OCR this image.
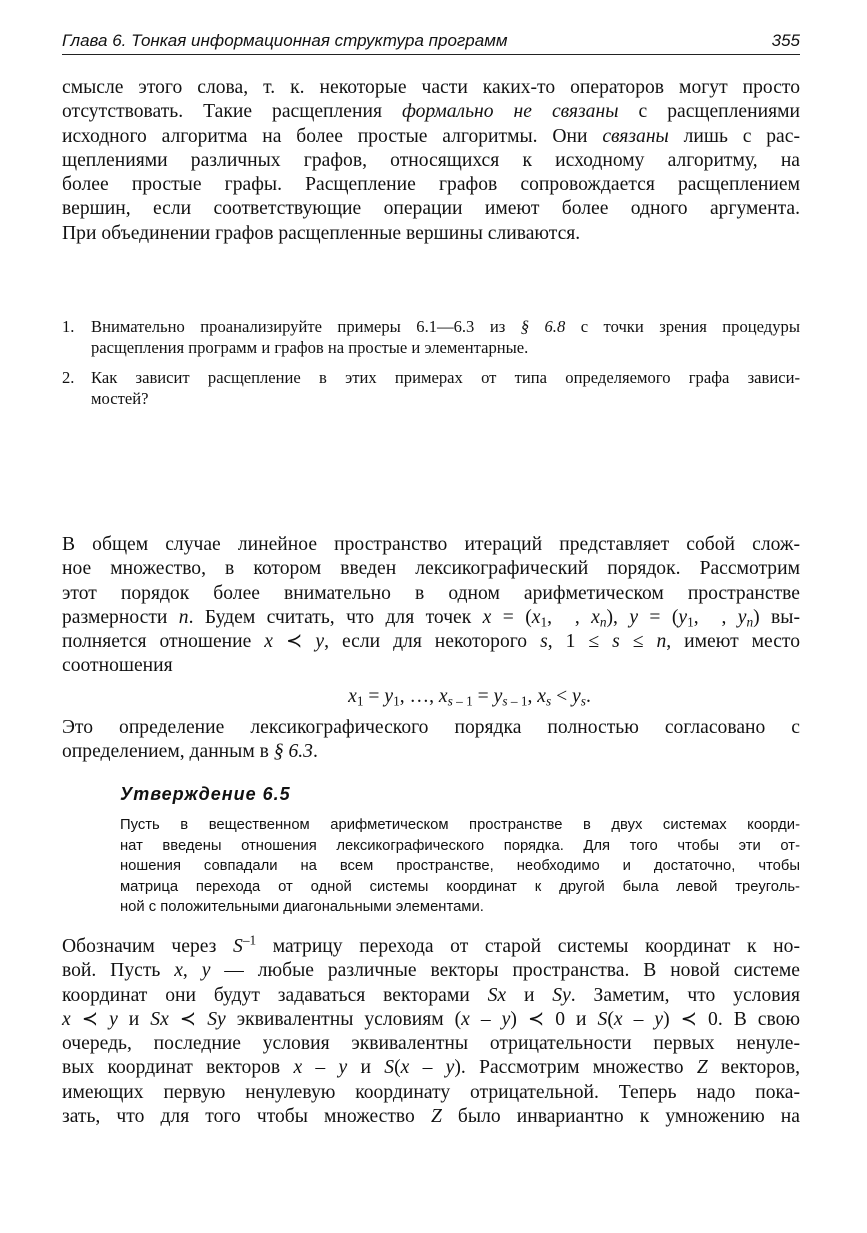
Глава 6. Тонкая информационная структура программ	355
смысле этого слова, т. к. некоторые части каких-то операторов могут просто
отсутствовать. Такие расщепления формально не связаны с расщеплениями
исходного алгоритма на более простые алгоритмы. Они связаны лишь с рас-
щеплениями различных графов, относящихся к исходному алгоритму, на
более простые графы. Расщепление графов сопровождается расщеплением
вершин, если соответствующие операции имеют более одного аргумента.
При объединении графов расщепленные вершины сливаются.
1. Внимательно проанализируйте примеры 6.1—6.3 из § 6.8 с точки зрения процедуры
расщепления программ и графов на простые и элементарные.
2. Как зависит расщепление в этих примерах от типа определяемого графа зависи-
мостей?
В общем случае линейное пространство итераций представляет собой слож-
ное множество, в котором введен лексикографический порядок. Рассмотрим
этот порядок более внимательно в одном арифметическом пространстве
размерности n. Будем считать, что для точек $x = (x_1$,  , $x_n$), $y = (y_1$,  , $y_n$) вы-
полняется отношение x ≺ y, если для некоторого s, 1 ≤ s ≤ n, имеют место
соотношения
$x_1 = y_1$, …, $x_{s - 1} = y_{s - 1}$, $x_s < y_s$.
Это определение лексикографического порядка полностью согласовано с
определением, данным в § 6.3.
Утверждение 6.5
Пусть в вещественном арифметическом пространстве в двух системах коорди-
нат введены отношения лексикографического порядка. Для того чтобы эти от-
ношения совпадали на всем пространстве, необходимо и достаточно, чтобы
матрица перехода от одной системы координат к другой была левой треуголь-
ной с положительными диагональными элементами.
Обозначим через $S^{-1}$ матрицу перехода от старой системы координат к но-
вой. Пусть x, y — любые различные векторы пространства. В новой системе
координат они будут задаваться векторами Sx и Sy. Заметим, что условия
x ≺ y и Sx ≺ Sy эквивалентны условиям (x – y) ≺ 0 и S(x – y) ≺ 0. В свою
очередь, последние условия эквивалентны отрицательности первых ненуле-
вых координат векторов x – y и S(x – y). Рассмотрим множество Z векторов,
имеющих первую ненулевую координату отрицательной. Теперь надо пока-
зать, что для того чтобы множество Z было инвариантно к умножению на
